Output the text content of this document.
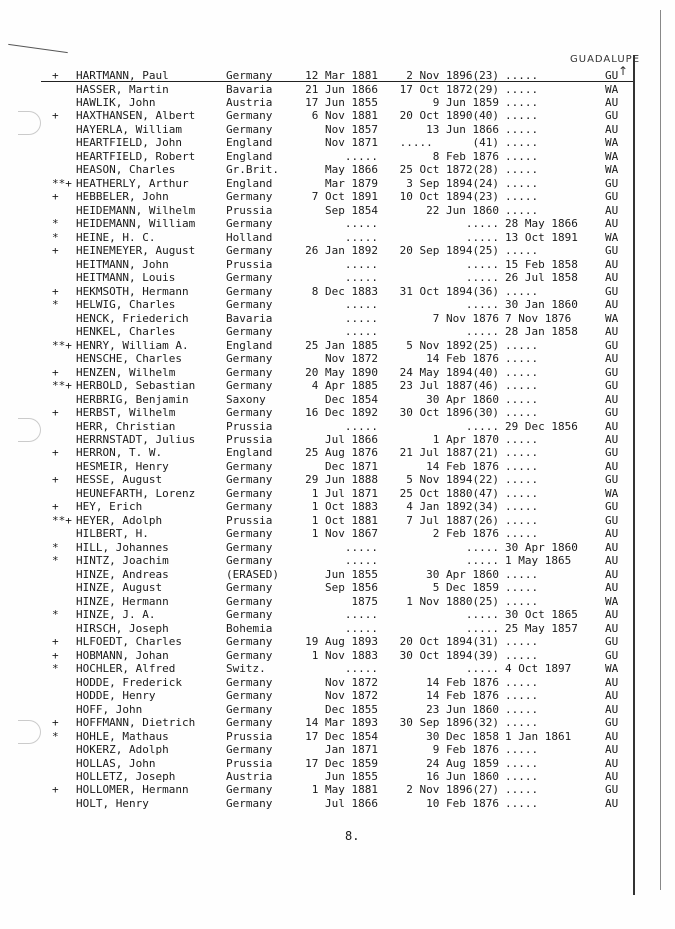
GUADALUPE
↑
+ HARTMANN, Paul	Germany	12 Mar 1881	2 Nov 1896(23) .....	GU
HASSER, Martin	Bavaria	21 Jun 1866	17 Oct 1872(29) .....	WA
HAWLIK, John	Austria	17 Jun 1855	9 Jun 1859 .....	AU
+ HAXTHANSEN, Albert	Germany	6 Nov 1881	20 Oct 1890(40) .....	GU
HAYERLA, William	Germany	Nov 1857	13 Jun 1866 .....	AU
HEARTFIELD, John	England	Nov 1871	.....      (41) .....	WA
HEARTFIELD, Robert	England	.....	8 Feb 1876 .....	WA
HEASON, Charles	Gr.Brit.	May 1866	25 Oct 1872(28) .....	WA
**+ HEATHERLY, Arthur	England	Mar 1879	3 Sep 1894(24) .....	GU
+ HEBBELER, John	Germany	7 Oct 1891	10 Oct 1894(23) .....	GU
HEIDEMANN, Wilhelm	Prussia	Sep 1854	22 Jun 1860 .....	AU
* HEIDEMANN, William	Germany	.....	..... 28 May 1866 AU
* HEINE, H. C.	Holland	.....	..... 13 Oct 1891 WA
+ HEINEMEYER, August	Germany	26 Jan 1892	20 Sep 1894(25) .....	GU
HEITMANN, John	Prussia	.....	..... 15 Feb 1858 AU
HEITMANN, Louis	Germany	.....	..... 26 Jul 1858 AU
+ HEKMSOTH, Hermann	Germany	8 Dec 1883	31 Oct 1894(36) .....	GU
* HELWIG, Charles	Germany	.....	..... 30 Jan 1860 AU
HENCK, Friederich	Bavaria	.....	7 Nov 1876 7 Nov 1876	WA
HENKEL, Charles	Germany	.....	..... 28 Jan 1858 AU
**+ HENRY, William A.	England	25 Jan 1885	5 Nov 1892(25) .....	GU
HENSCHE, Charles	Germany	Nov 1872	14 Feb 1876 .....	AU
+ HENZEN, Wilhelm	Germany	20 May 1890	24 May 1894(40) .....	GU
**+ HERBOLD, Sebastian	Germany	4 Apr 1885	23 Jul 1887(46) .....	GU
HERBRIG, Benjamin	Saxony	Dec 1854	30 Apr 1860 .....	AU
+ HERBST, Wilhelm	Germany	16 Dec 1892	30 Oct 1896(30) .....	GU
HERR, Christian	Prussia	.....	..... 29 Dec 1856 AU
HERRNSTADT, Julius	Prussia	Jul 1866	1 Apr 1870 .....	AU
+ HERRON, T. W.	England	25 Aug 1876	21 Jul 1887(21) .....	GU
HESMEIR, Henry	Germany	Dec 1871	14 Feb 1876 .....	AU
+ HESSE, August	Germany	29 Jun 1888	5 Nov 1894(22) .....	GU
HEUNEFARTH, Lorenz	Germany	1 Jul 1871	25 Oct 1880(47) .....	WA
+ HEY, Erich	Germany	1 Oct 1883	4 Jan 1892(34) .....	GU
**+ HEYER, Adolph	Prussia	1 Oct 1881	7 Jul 1887(26) .....	GU
HILBERT, H.	Germany	1 Nov 1867	2 Feb 1876 .....	AU
* HILL, Johannes	Germany	.....	..... 30 Apr 1860 AU
* HINTZ, Joachim	Germany	.....	..... 1 May 1865	AU
HINZE, Andreas	(ERASED)	Jun 1855	30 Apr 1860 .....	AU
HINZE, August	Germany	Sep 1856	5 Dec 1859 .....	AU
HINZE, Hermann	Germany	1875	1 Nov 1880(25) .....	WA
* HINZE, J. A.	Germany	.....	..... 30 Oct 1865 AU
HIRSCH, Joseph	Bohemia	.....	..... 25 May 1857 AU
+ HLFOEDT, Charles	Germany	19 Aug 1893	20 Oct 1894(31) .....	GU
+ HOBMANN, Johan	Germany	1 Nov 1883	30 Oct 1894(39) .....	GU
* HOCHLER, Alfred	Switz.	.....	..... 4 Oct 1897	WA
HODDE, Frederick	Germany	Nov 1872	14 Feb 1876 .....	AU
HODDE, Henry	Germany	Nov 1872	14 Feb 1876 .....	AU
HOFF, John	Germany	Dec 1855	23 Jun 1860 .....	AU
+ HOFFMANN, Dietrich	Germany	14 Mar 1893	30 Sep 1896(32) .....	GU
* HOHLE, Mathaus	Prussia	17 Dec 1854	30 Dec 1858 1 Jan 1861	AU
HOKERZ, Adolph	Germany	Jan 1871	9 Feb 1876 .....	AU
HOLLAS, John	Prussia	17 Dec 1859	24 Aug 1859 .....	AU
HOLLETZ, Joseph	Austria	Jun 1855	16 Jun 1860 .....	AU
+ HOLLOMER, Hermann	Germany	1 May 1881	2 Nov 1896(27) .....	GU
HOLT, Henry	Germany	Jul 1866	10 Feb 1876 .....	AU
8.
